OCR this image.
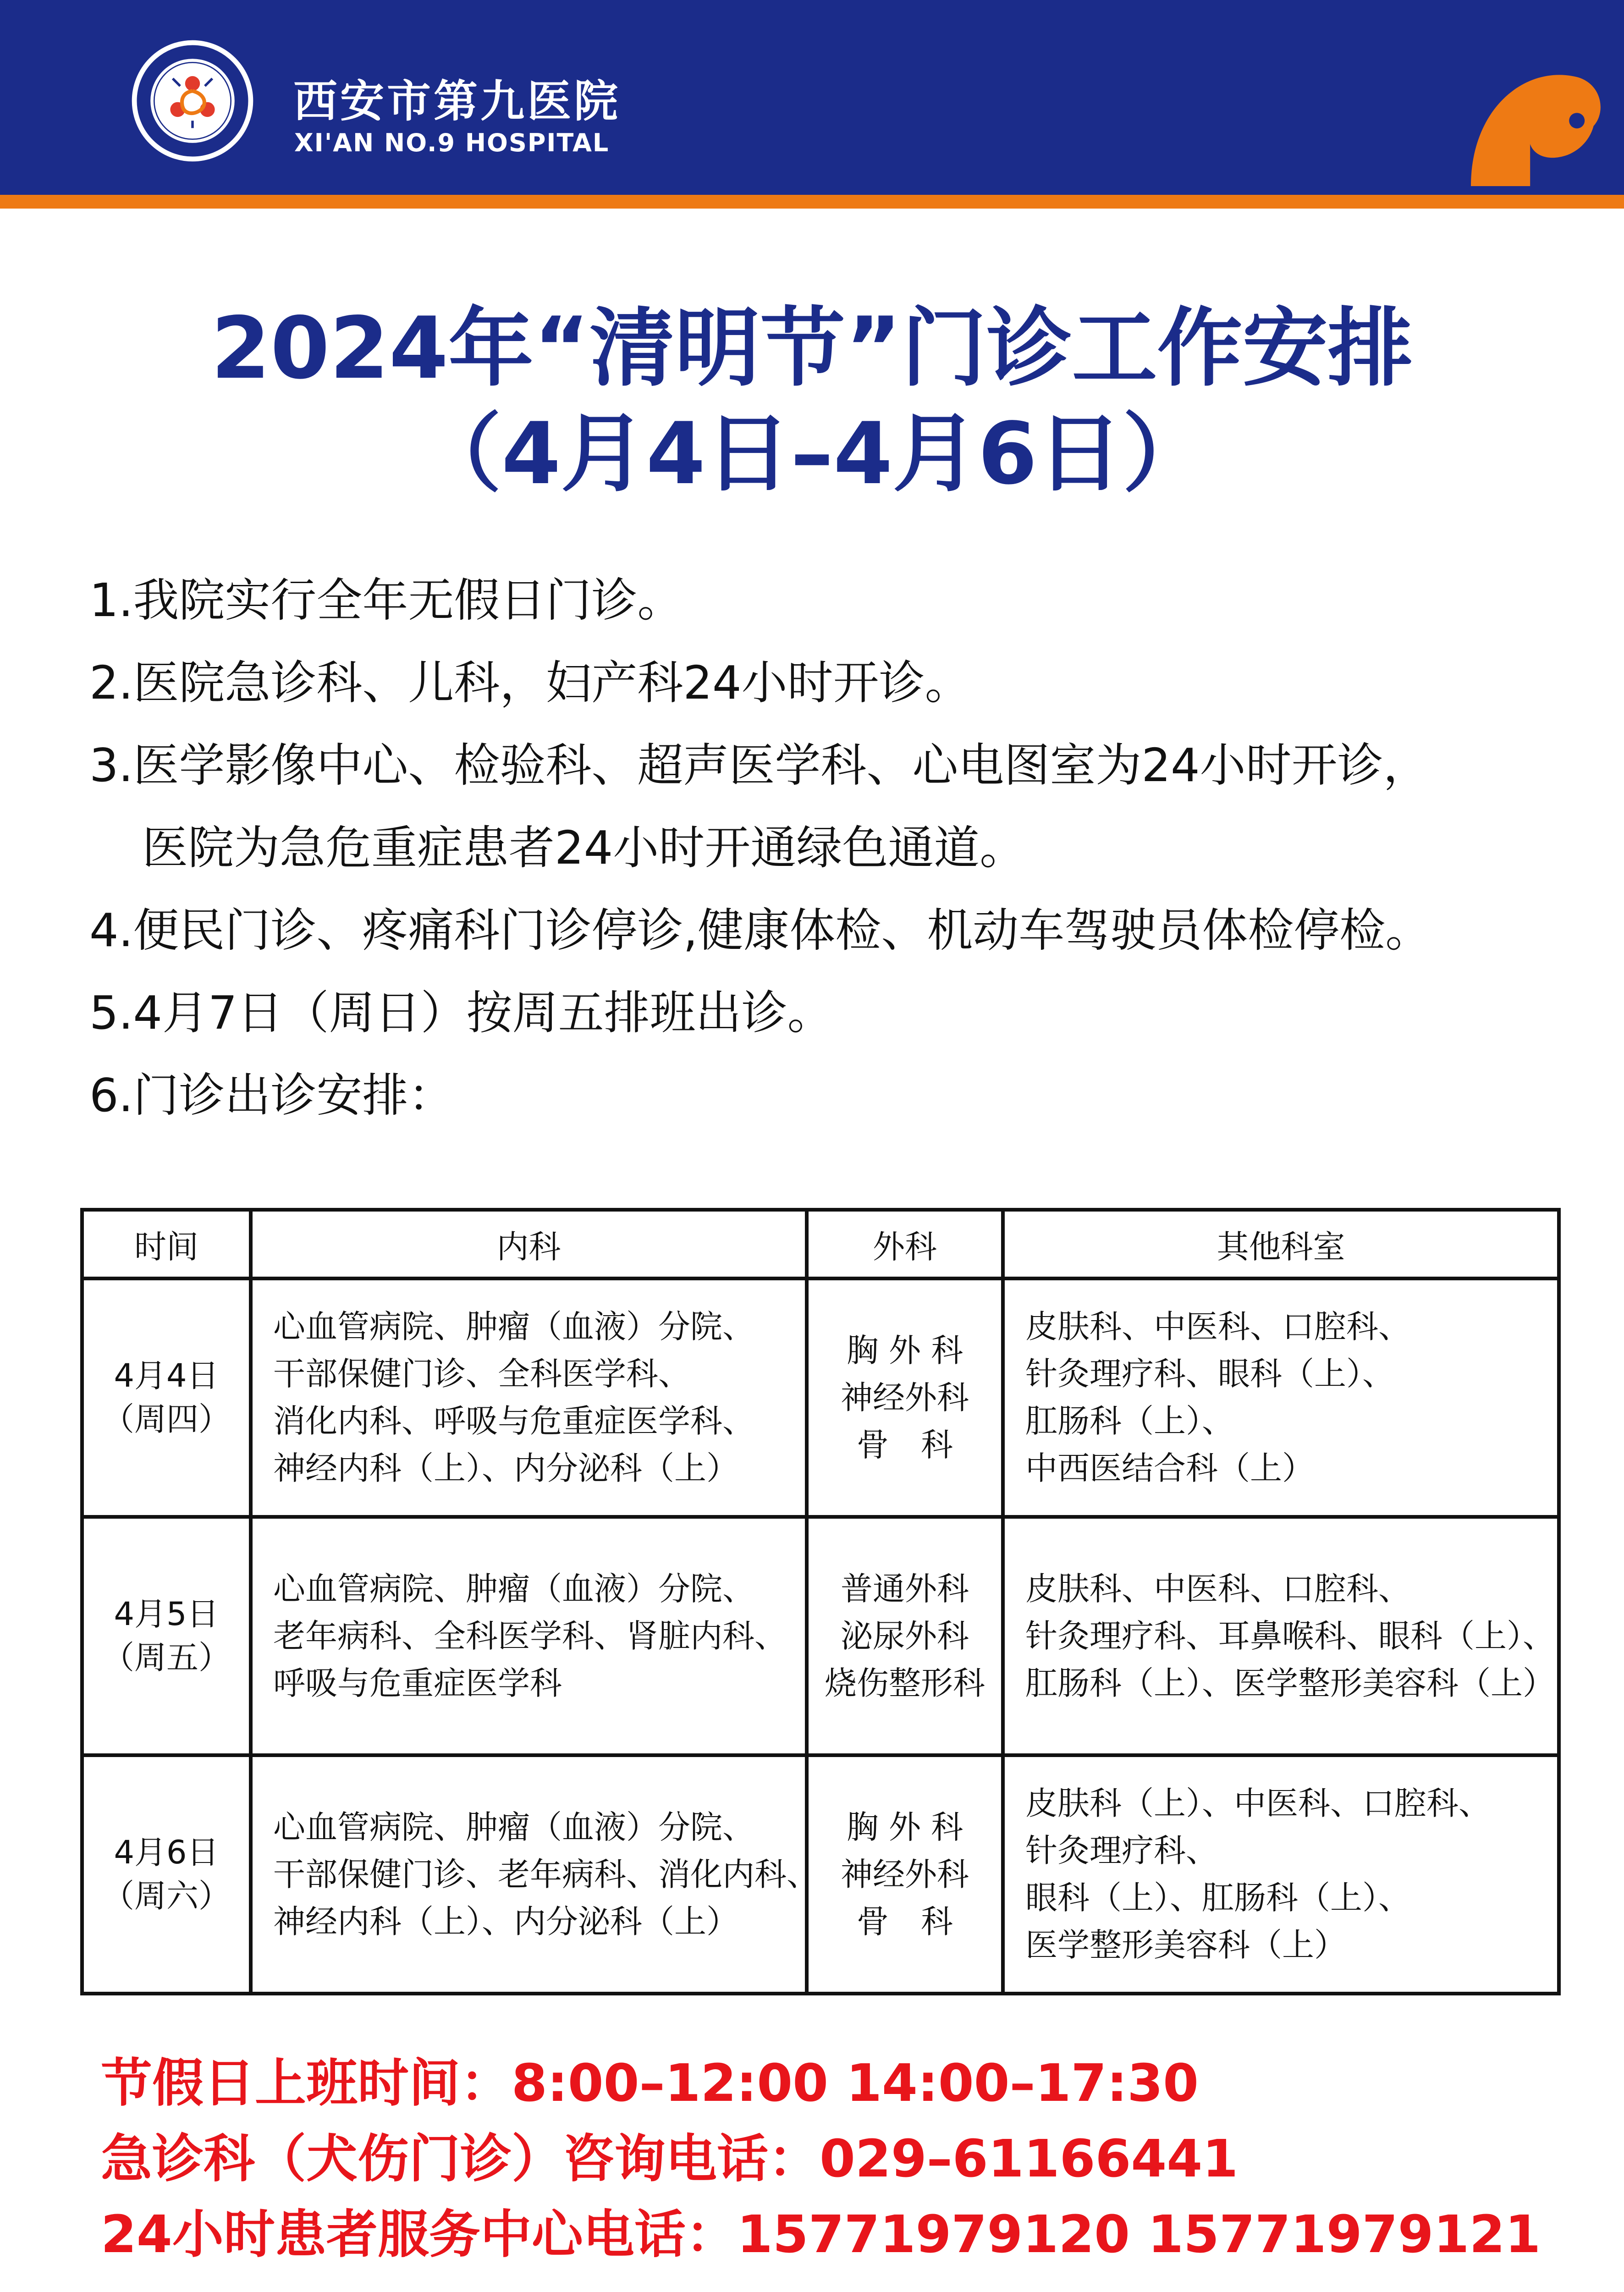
西安市第九医院
XI'AN NO.9 HOSPITAL
2024年“清明节”门诊工作安排
（4月4日–4月6日）
1.我院实行全年无假日门诊。
2.医院急诊科、儿科，妇产科24小时开诊。
3.医学影像中心、检验科、超声医学科、心电图室为24小时开诊，
医院为急危重症患者24小时开通绿色通道。
4.便民门诊、疼痛科门诊停诊,健康体检、机动车驾驶员体检停检。
5.4月7日（周日）按周五排班出诊。
6.门诊出诊安排：
时间	内科	外科	其他科室

4月4日
（周四）	心血管病院、肿瘤（血液）分院、
干部保健门诊、全科医学科、
消化内科、呼吸与危重症医学科、
神经内科（上）、内分泌科（上）	胸 外 科
神经外科
骨　科	皮肤科、中医科、口腔科、
针灸理疗科、眼科（上）、
肛肠科（上）、
中西医结合科（上）

4月5日
（周五）	心血管病院、肿瘤（血液）分院、
老年病科、全科医学科、肾脏内科、
呼吸与危重症医学科	普通外科
泌尿外科
烧伤整形科	皮肤科、中医科、口腔科、
针灸理疗科、耳鼻喉科、眼科（上）、
肛肠科（上）、医学整形美容科（上）

4月6日
（周六）	心血管病院、肿瘤（血液）分院、
干部保健门诊、老年病科、消化内科、
神经内科（上）、内分泌科（上）	胸 外 科
神经外科
骨　科	皮肤科（上）、中医科、口腔科、
针灸理疗科、
眼科（上）、肛肠科（上）、
医学整形美容科（上）
节假日上班时间：8:00–12:00 14:00–17:30
急诊科（犬伤门诊）咨询电话：029–61166441
24小时患者服务中心电话：15771979120 15771979121
